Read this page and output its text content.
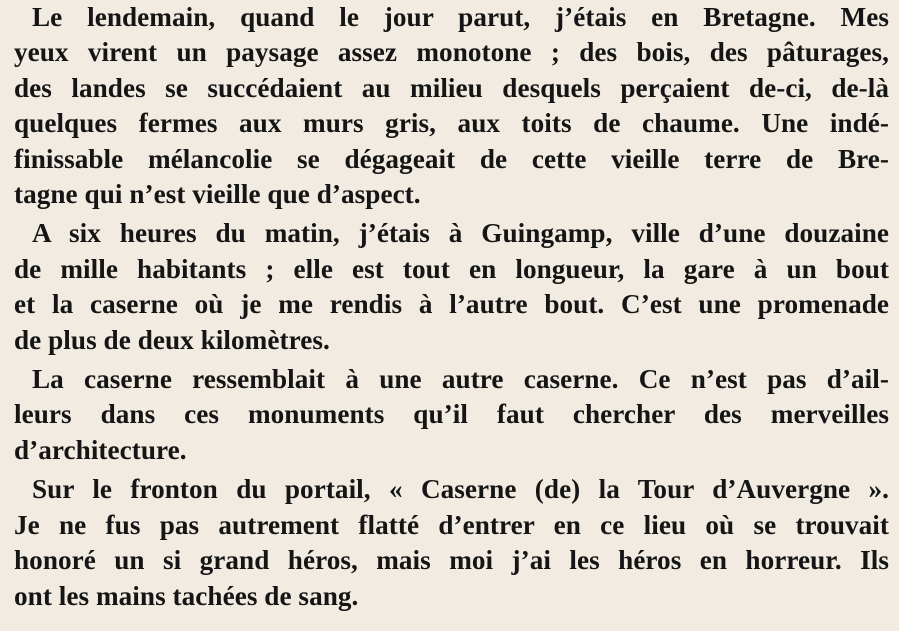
Le lendemain, quand le jour parut, j’étais en Bretagne. Mes
yeux virent un paysage assez monotone ; des bois, des pâturages,
des landes se succédaient au milieu desquels perçaient de-ci, de-là
quelques fermes aux murs gris, aux toits de chaume. Une indé-
finissable mélancolie se dégageait de cette vieille terre de Bre-
tagne qui n’est vieille que d’aspect.
A six heures du matin, j’étais à Guingamp, ville d’une douzaine
de mille habitants ; elle est tout en longueur, la gare à un bout
et la caserne où je me rendis à l’autre bout. C’est une promenade
de plus de deux kilomètres.
La caserne ressemblait à une autre caserne. Ce n’est pas d’ail-
leurs dans ces monuments qu’il faut chercher des merveilles
d’architecture.
Sur le fronton du portail, « Caserne (de) la Tour d’Auvergne ».
Je ne fus pas autrement flatté d’entrer en ce lieu où se trouvait
honoré un si grand héros, mais moi j’ai les héros en horreur. Ils
ont les mains tachées de sang.
